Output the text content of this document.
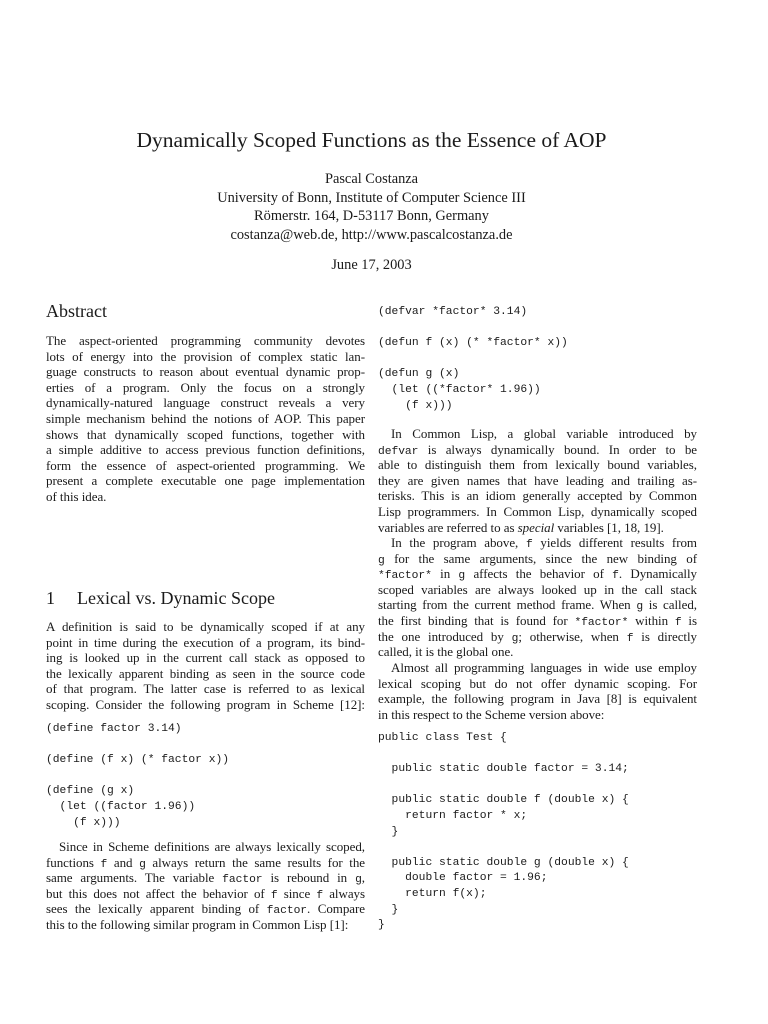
Dynamically Scoped Functions as the Essence of AOP
Pascal Costanza
University of Bonn, Institute of Computer Science III
Römerstr. 164, D-53117 Bonn, Germany
costanza@web.de, http://www.pascalcostanza.de
June 17, 2003
Abstract
The aspect-oriented programming community devotes
lots of energy into the provision of complex static lan-
guage constructs to reason about eventual dynamic prop-
erties of a program. Only the focus on a strongly
dynamically-natured language construct reveals a very
simple mechanism behind the notions of AOP. This paper
shows that dynamically scoped functions, together with
a simple additive to access previous function definitions,
form the essence of aspect-oriented programming. We
present a complete executable one page implementation
of this idea.
1 Lexical vs. Dynamic Scope
A definition is said to be dynamically scoped if at any
point in time during the execution of a program, its bind-
ing is looked up in the current call stack as opposed to
the lexically apparent binding as seen in the source code
of that program. The latter case is referred to as lexical
scoping. Consider the following program in Scheme [12]:
(define factor 3.14)

(define (f x) (* factor x))

(define (g x)
(let ((factor 1.96))
(f x)))
Since in Scheme definitions are always lexically scoped,
functions f and g always return the same results for the
same arguments. The variable factor is rebound in g,
but this does not affect the behavior of f since f always
sees the lexically apparent binding of factor. Compare
this to the following similar program in Common Lisp [1]:
(defvar *factor* 3.14)

(defun f (x) (* *factor* x))

(defun g (x)
(let ((*factor* 1.96))
(f x)))
In Common Lisp, a global variable introduced by
defvar is always dynamically bound. In order to be
able to distinguish them from lexically bound variables,
they are given names that have leading and trailing as-
terisks. This is an idiom generally accepted by Common
Lisp programmers. In Common Lisp, dynamically scoped
variables are referred to as special variables [1, 18, 19].
In the program above, f yields different results from
g for the same arguments, since the new binding of
*factor* in g affects the behavior of f. Dynamically
scoped variables are always looked up in the call stack
starting from the current method frame. When g is called,
the first binding that is found for *factor* within f is
the one introduced by g; otherwise, when f is directly
called, it is the global one.
Almost all programming languages in wide use employ
lexical scoping but do not offer dynamic scoping. For
example, the following program in Java [8] is equivalent
in this respect to the Scheme version above:
public class Test {

public static double factor = 3.14;

public static double f (double x) {
return factor * x;
}

public static double g (double x) {
double factor = 1.96;
return f(x);
}
}
